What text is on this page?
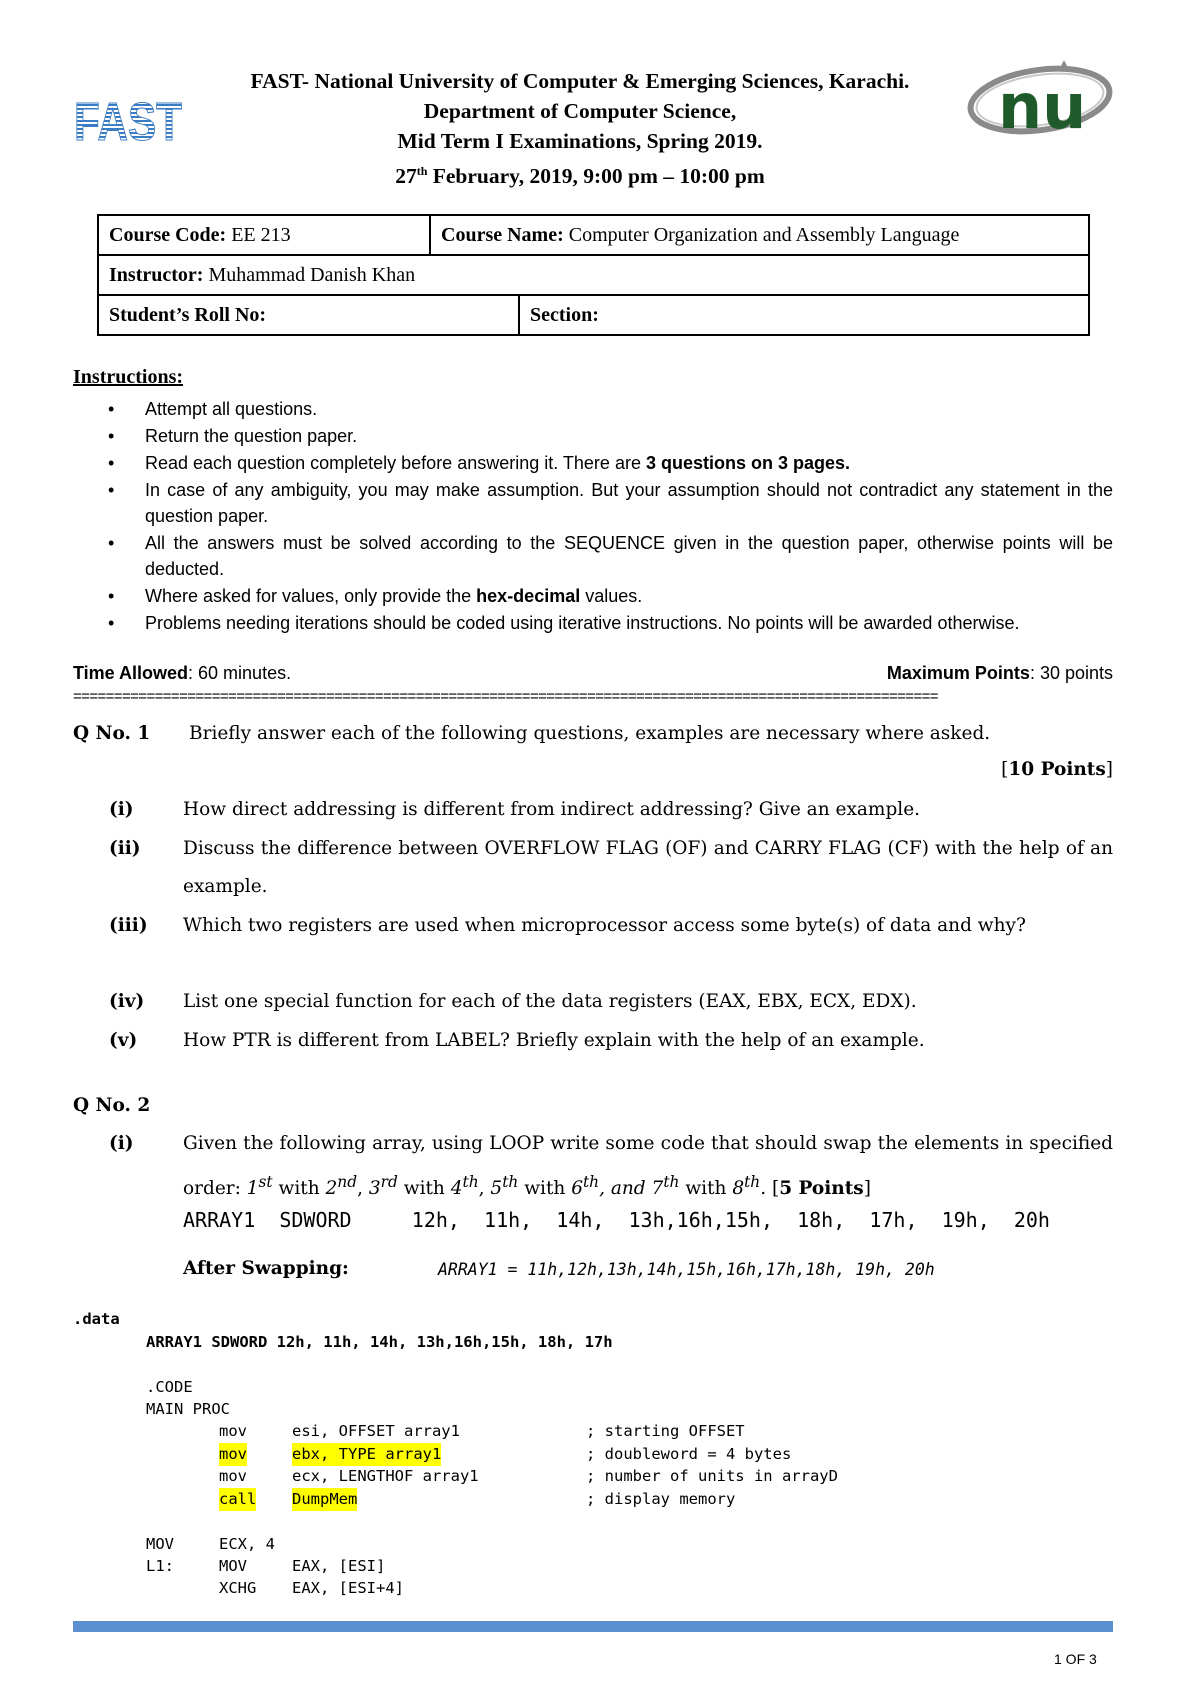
FAST	nu
FAST- National University of Computer & Emerging Sciences, Karachi.
Department of Computer Science,
Mid Term I Examinations, Spring 2019.
27th February, 2019, 9:00 pm – 10:00 pm
Course Code: EE 213	Course Name: Computer Organization and Assembly Language	
Instructor: Muhammad Danish Khan		
Student’s Roll No:		Section:
Instructions:
• Attempt all questions.
• Return the question paper.
• Read each question completely before answering it. There are 3 questions on 3 pages.
• In case of any ambiguity, you may make assumption. But your assumption should not contradict any statement in the question paper.
• All the answers must be solved according to the SEQUENCE given in the question paper, otherwise points will be deducted.
• Where asked for values, only provide the hex-decimal values.
• Problems needing iterations should be coded using iterative instructions. No points will be awarded otherwise.
Time Allowed: 60 minutes.	Maximum Points: 30 points
==========================================================================================================
Q No. 1 Briefly answer each of the following questions, examples are necessary where asked.
[10 Points]
(i)	How direct addressing is different from indirect addressing? Give an example.
(ii) Discuss the difference between OVERFLOW FLAG (OF) and CARRY FLAG (CF) with the help of an example.
(iii) Which two registers are used when microprocessor access some byte(s) of data and why?
(iv) List one special function for each of the data registers (EAX, EBX, ECX, EDX).
(v) How PTR is different from LABEL? Briefly explain with the help of an example.
Q No. 2
(i)	Given the following array, using LOOP write some code that should swap the elements in specified order: 1st with 2nd, 3rd with 4th, 5th with 6th, and 7th with 8th. [5 Points]
ARRAY1  SDWORD     12h,  11h,  14h,  13h,16h,15h,  18h,  17h,  19h,  20h
After Swapping:	ARRAY1 = 11h,12h,13h,14h,15h,16h,17h,18h, 19h, 20h
.data
ARRAY1 SDWORD 12h, 11h, 14h, 13h,16h,15h, 18h, 17h
.CODE
MAIN PROC
mov	esi, OFFSET array1	; starting OFFSET
mov	ebx, TYPE array1	; doubleword = 4 bytes
mov	ecx, LENGTHOF array1	; number of units in arrayD
call DumpMem	; display memory
MOV	ECX, 4
L1:	MOV	EAX, [ESI]
XCHG EAX, [ESI+4]
1 OF 3
